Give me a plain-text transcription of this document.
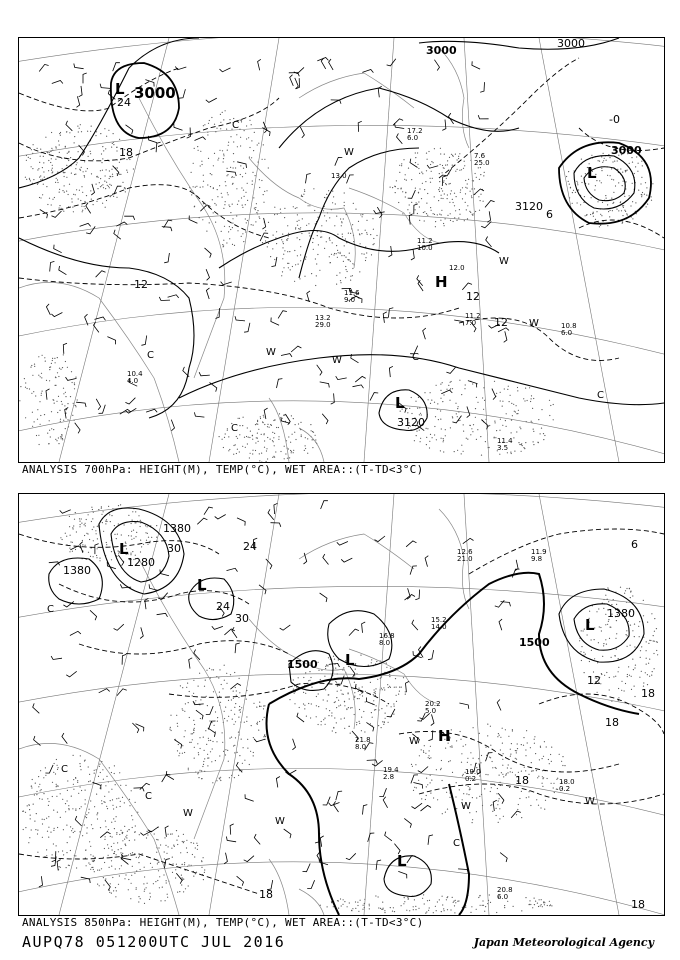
3000
3000
3000
3120
3120
3000
24
18
12
12
12
6
-0
L
L
H
L
W
W
W
W
W
C
C	C
C
C
11.4
3.5
10.4
4.0
11.2
7.0	10.8
6.0
11.6
9.0
13.2
29.0
17.2
6.0
11.2
10.0
12.0
13.0
7.6
25.0
ANALYSIS 700hPa: HEIGHT(M), TEMP(°C), WET AREA::(T-TD<3°C)
1380
1380
1380
1280
1500
1500
24
30
24
30
12
18
18
18
18
6
18
L
L
L
L
H
L
W
W
W
W
W
C
C
C
C
19.0
0.2	18.0
0.2
20.8
6.0
19.4
2.8
21.8
8.0
15.2
14.0
16.8
8.0
20.2
5.0
12.6
21.0
11.9
9.8
ANALYSIS 850hPa: HEIGHT(M), TEMP(°C), WET AREA::(T-TD<3°C)
AUPQ78 051200UTC JUL 2016	Japan Meteorological Agency
